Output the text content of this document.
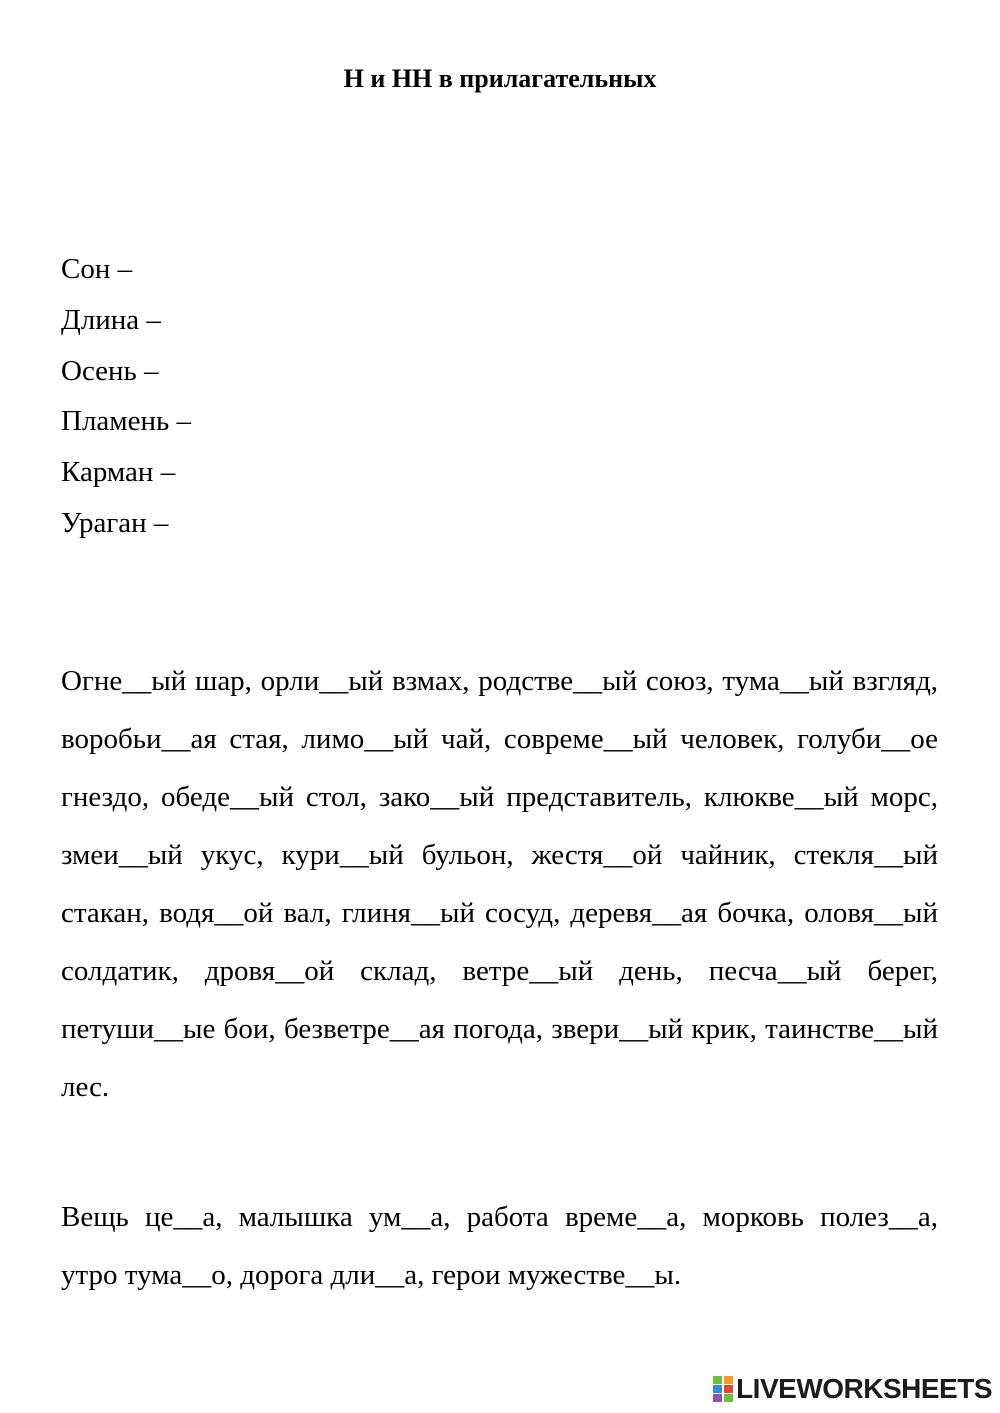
Н и НН в прилагательных
Сон –
Длина –
Осень –
Пламень –
Карман –
Ураган –

Огне__ый шар, орли__ый взмах, родстве__ый союз, тума__ый взгляд, воробьи__ая стая, лимо__ый чай, совреме__ый человек, голуби__ое гнездо, обеде__ый стол, зако__ый представитель, клюкве__ый морс, змеи__ый укус, кури__ый бульон, жестя__ой чайник, стекля__ый стакан, водя__ой вал, глиня__ый сосуд, деревя__ая бочка, оловя__ый солдатик, дровя__ой склад, ветре__ый день, песча__ый берег, петуши__ые бои, безветре__ая погода, звери__ый крик, таинстве__ый лес.

Вещь це__а, малышка ум__а, работа време__а, морковь полез__а, утро тума__о, дорога дли__а, герои мужестве__ы.

LIVEWORKSHEETS
